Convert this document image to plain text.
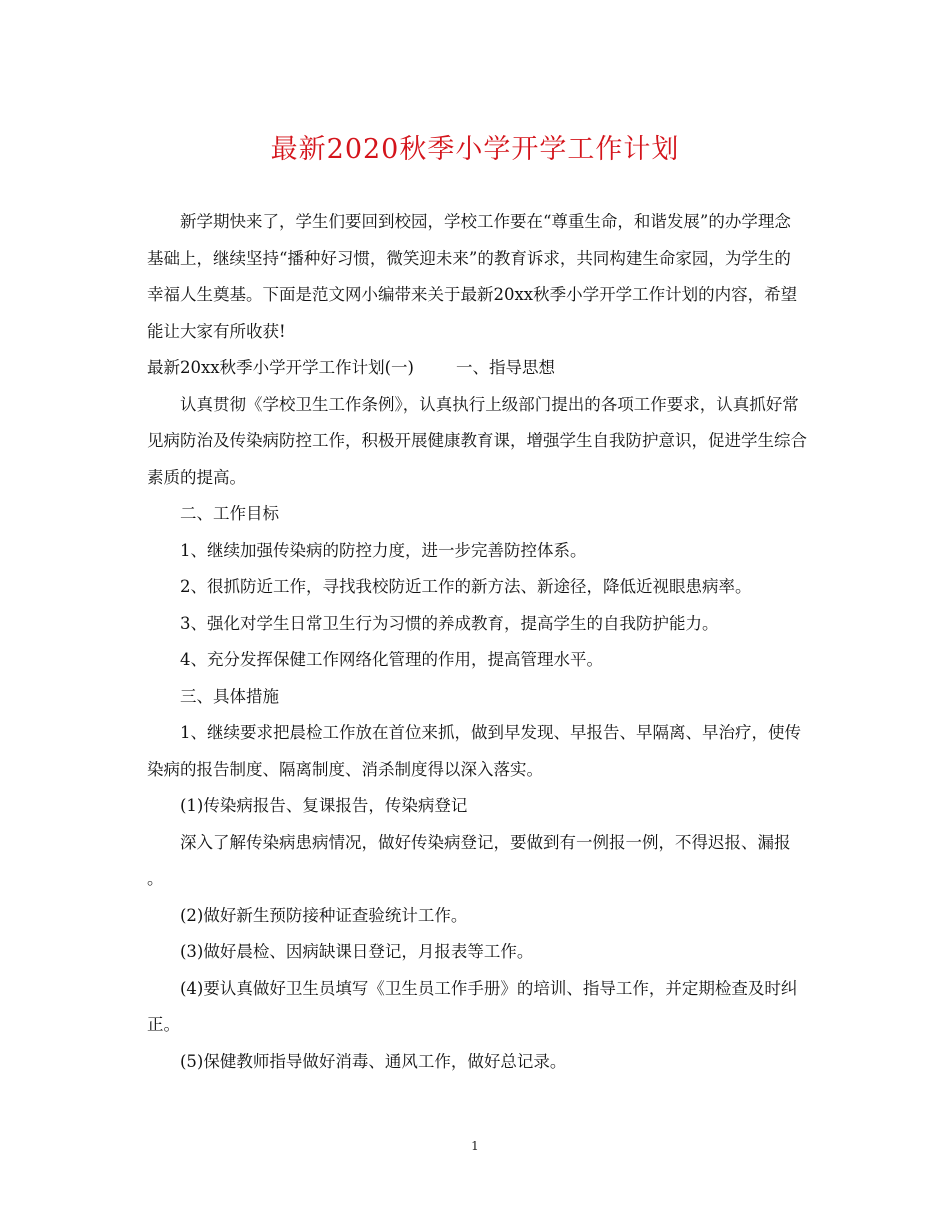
最新2020秋季小学开学工作计划

新学期快来了，学生们要回到校园，学校工作要在“尊重生命，和谐发展”的办学理念基础上，继续坚持“播种好习惯，微笑迎未来”的教育诉求，共同构建生命家园，为学生的幸福人生奠基。下面是范文网小编带来关于最新20xx秋季小学开学工作计划的内容，希望能让大家有所收获!

最新20xx秋季小学开学工作计划(一)	一、指导思想

认真贯彻《学校卫生工作条例》，认真执行上级部门提出的各项工作要求，认真抓好常见病防治及传染病防控工作，积极开展健康教育课，增强学生自我防护意识，促进学生综合素质的提高。

二、工作目标

1、继续加强传染病的防控力度，进一步完善防控体系。

2、很抓防近工作，寻找我校防近工作的新方法、新途径，降低近视眼患病率。

3、强化对学生日常卫生行为习惯的养成教育，提高学生的自我防护能力。

4、充分发挥保健工作网络化管理的作用，提高管理水平。

三、具体措施

1、继续要求把晨检工作放在首位来抓，做到早发现、早报告、早隔离、早治疗，使传染病的报告制度、隔离制度、消杀制度得以深入落实。

(1)传染病报告、复课报告，传染病登记

深入了解传染病患病情况，做好传染病登记，要做到有一例报一例，不得迟报、漏报 。

(2)做好新生预防接种证查验统计工作。

(3)做好晨检、因病缺课日登记，月报表等工作。

(4)要认真做好卫生员填写《卫生员工作手册》的培训、指导工作，并定期检查及时纠正。

(5)保健教师指导做好消毒、通风工作，做好总记录。

1
